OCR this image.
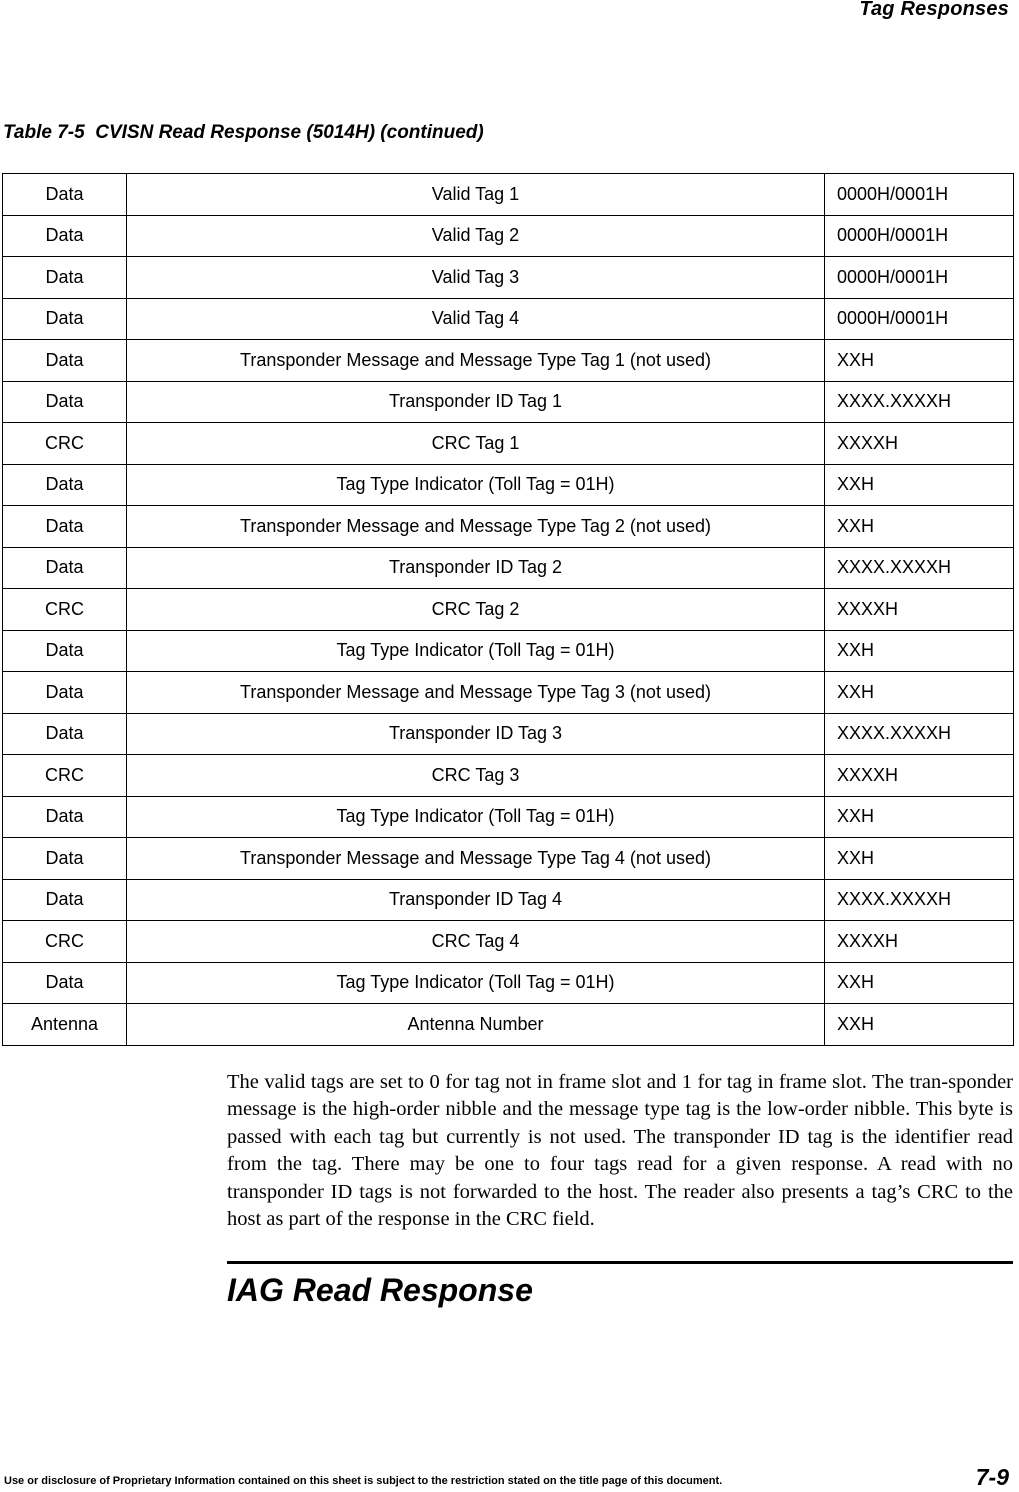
Tag Responses
Table 7-5  CVISN Read Response (5014H) (continued)
Data	Valid Tag 1	0000H/0001H
Data	Valid Tag 2	0000H/0001H
Data	Valid Tag 3	0000H/0001H
Data	Valid Tag 4	0000H/0001H
Data	Transponder Message and Message Type Tag 1 (not used)	XXH
Data	Transponder ID Tag 1	XXXX.XXXXH
CRC	CRC Tag 1	XXXXH
Data	Tag Type Indicator (Toll Tag = 01H)	XXH
Data	Transponder Message and Message Type Tag 2 (not used)	XXH
Data	Transponder ID Tag 2	XXXX.XXXXH
CRC	CRC Tag 2	XXXXH
Data	Tag Type Indicator (Toll Tag = 01H)	XXH
Data	Transponder Message and Message Type Tag 3 (not used)	XXH
Data	Transponder ID Tag 3	XXXX.XXXXH
CRC	CRC Tag 3	XXXXH
Data	Tag Type Indicator (Toll Tag = 01H)	XXH
Data	Transponder Message and Message Type Tag 4 (not used)	XXH
Data	Transponder ID Tag 4	XXXX.XXXXH
CRC	CRC Tag 4	XXXXH
Data	Tag Type Indicator (Toll Tag = 01H)	XXH
Antenna	Antenna Number	XXH

The valid tags are set to 0 for tag not in frame slot and 1 for tag in frame slot. The tran-sponder message is the high-order nibble and the message type tag is the low-order nibble. This byte is passed with each tag but currently is not used. The transponder ID tag is the identifier read from the tag. There may be one to four tags read for a given response. A read with no transponder ID tags is not forwarded to the host. The reader also presents a tag’s CRC to the host as part of the response in the CRC field.

IAG Read Response
Use or disclosure of Proprietary Information contained on this sheet is subject to the restriction stated on the title page of this document.	7-9
